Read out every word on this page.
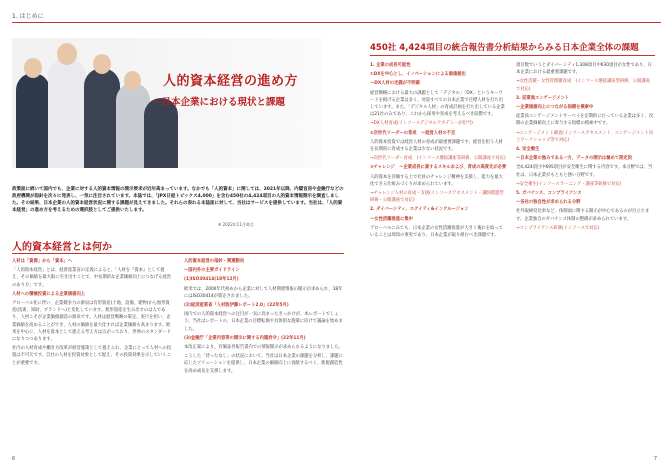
1. はじめに
人的資本経営の進め方
〜日本企業における現状と課題
政策面に続いて国内でも、企業に対する人的資本情報の開示要求が近年高まっています。なかでも「人的資本」に関しては、2021年以降、内閣官房や金融庁などの政府機関が指針を次々に発表し、一気に注目されています。本誌では、「JPX日経トピックス4,000」を含む450社の4,424項目の人的資本情報開示を調査しました。その結果、日本企業の人的資本経営状況に関する課題が見えてきました。それらの表れる本誌面に対して、当社はサービスを提供しています。当社は、「人的資本経営」の進め方を考えるための選択肢としてご提供いたします。
※ 2022年11月時点
人的資本経営とは何か

人材は「資源」から「資本」へ

「人的資本経営」とは、経済産業省の定義によると、「人材を『資本』として捉え、その価値を最大限に引き出すことで、中長期的な企業価値向上につなげる経営のあり方」です。

人材への積極投資による企業価値向上

グローバル化に伴い、企業競争力の源泉は有形資産(土地、設備、建物)から無形資産(技術、知財、ブランドへ)と変化しています。無形資産を生み出すのは人であり、人材こそが企業価値創造の源泉です。人材は経営戦略の策定、実行を担い、企業価値を高めることができ、人材の価値を最大化すれば企業価値も高まります。欧米を中心に、人材を資本として捉える考え方は広がっており、世界のスタンダードになりつつあります。

社内の人材育成や働き方改革が経営施策として捉えられ、企業にとって人材への投資は不可欠です。自社の人材を投資対象として捉え、その投資効果を示していくことが重要です。

人的資本経営の指針・関連動向

〜国内外の主要ガイドライン

(1)ISO30414(18年12月)

欧米では、2000年代初めから企業に対して人材関連情報の開示が求められ、18年にはISO30414が策定されました。

(2)経済産業省「人材版伊藤レポート2.0」(22年5月)

国内での人的資本経営への注目が一気に高まったきっかけが、本レポートでしょう。当社はレポートの、日本企業の目標転換や具体的な施策に向けて議論を始めました。

(3)金融庁「企業内容等の開示に関する内閣府令」(22年11月)

本改正案により、有価証券報告書内での情報開示が求められるようになりました。

こうした「待ったなし」の状況において、当社は日本企業の課題を分析し、課題に応じたソリューションを提供し、日本企業の価値向上に貢献するべく、新規創造性を高め成長を支援します。

450社 4,424項目の統合報告書分析結果からみる日本企業全体の課題

1. 企業の成長可能性

①DXを中心とし、イノベーションによる価値創出

〜DX人材の定義が不明確

経営戦略における最大の課題として「デジタル」「DX」というキーワードを掲げる企業は多く、対話すべての日本企業で目標人材を打ち出しています。また、「デジタル人材」の育成計画を打ち出している企業は21社のみであり、これから採用や育成を考えるべき段階です。

→DX人材育成(インソースデジタルアカデミーが担当)

②次世代リーダーの育成　〜経営人材の不足

人的資本投資では経営人材の育成が最重要課題です。経営を担う人材を長期的に育成する企業は少ない状況です。

→次世代リーダー育成　(インソース選抜講座等研修、公開講座で対応)

③チャレンジ　〜企業成長に資するスキルおよび、育成の高度化が必要

人的資本を評価する上で社員のチャレンジ精神を支援し、能力を最大化できる仕組みづくりが求められています。

→チャレンジ人材の育成・支援(インソースアセスメント・講師派遣型研修・公開講座で対応)

2. ダイバーシティ、エクイティ&インクルージョン

〜女性活躍推進に集中

グローバルにみても、日本企業の女性活躍推進が大きく後れを取っていることは周知の事実であり、日本企業が取り組むべき課題です。

項目数でいうとダイバーシティ1,308項目中630項目が女性であり、日本企業における最重要課題です。

→女性活躍・女性管理職育成　(インソース選抜講座型研修、公開講座で対応)

3. 従業員エンゲージメント

〜企業価値向上につながる指標を模索中

従業員エンゲージメントサーベイを定期的に行っている企業は多く、次期の企業価値向上に寄与する指標の模索中です。

→エンゲージメント調査(インソースアセスメント、エンゲージメント向上ワークショップ等で対応)

4. 安全衛生

〜日本企業の強みである一方、データの開示は極めて限定的

全4,424項目中695項目が安全衛生に関する内容です。本分野では、当社は、日本企業がもともと強い分野です。

→安全衛生(インソースラーニング・講座等研修で対応)

5. ガバナンス、コンプライアンス

〜各社の独自性が求められる分野

社外取締役比率など、体制面に関する開示が中心であるのが目立ちます。企業独自のガバナンス体制の整備が求められています。

→コンプライアンス研修(インソースで対応)

6	7
